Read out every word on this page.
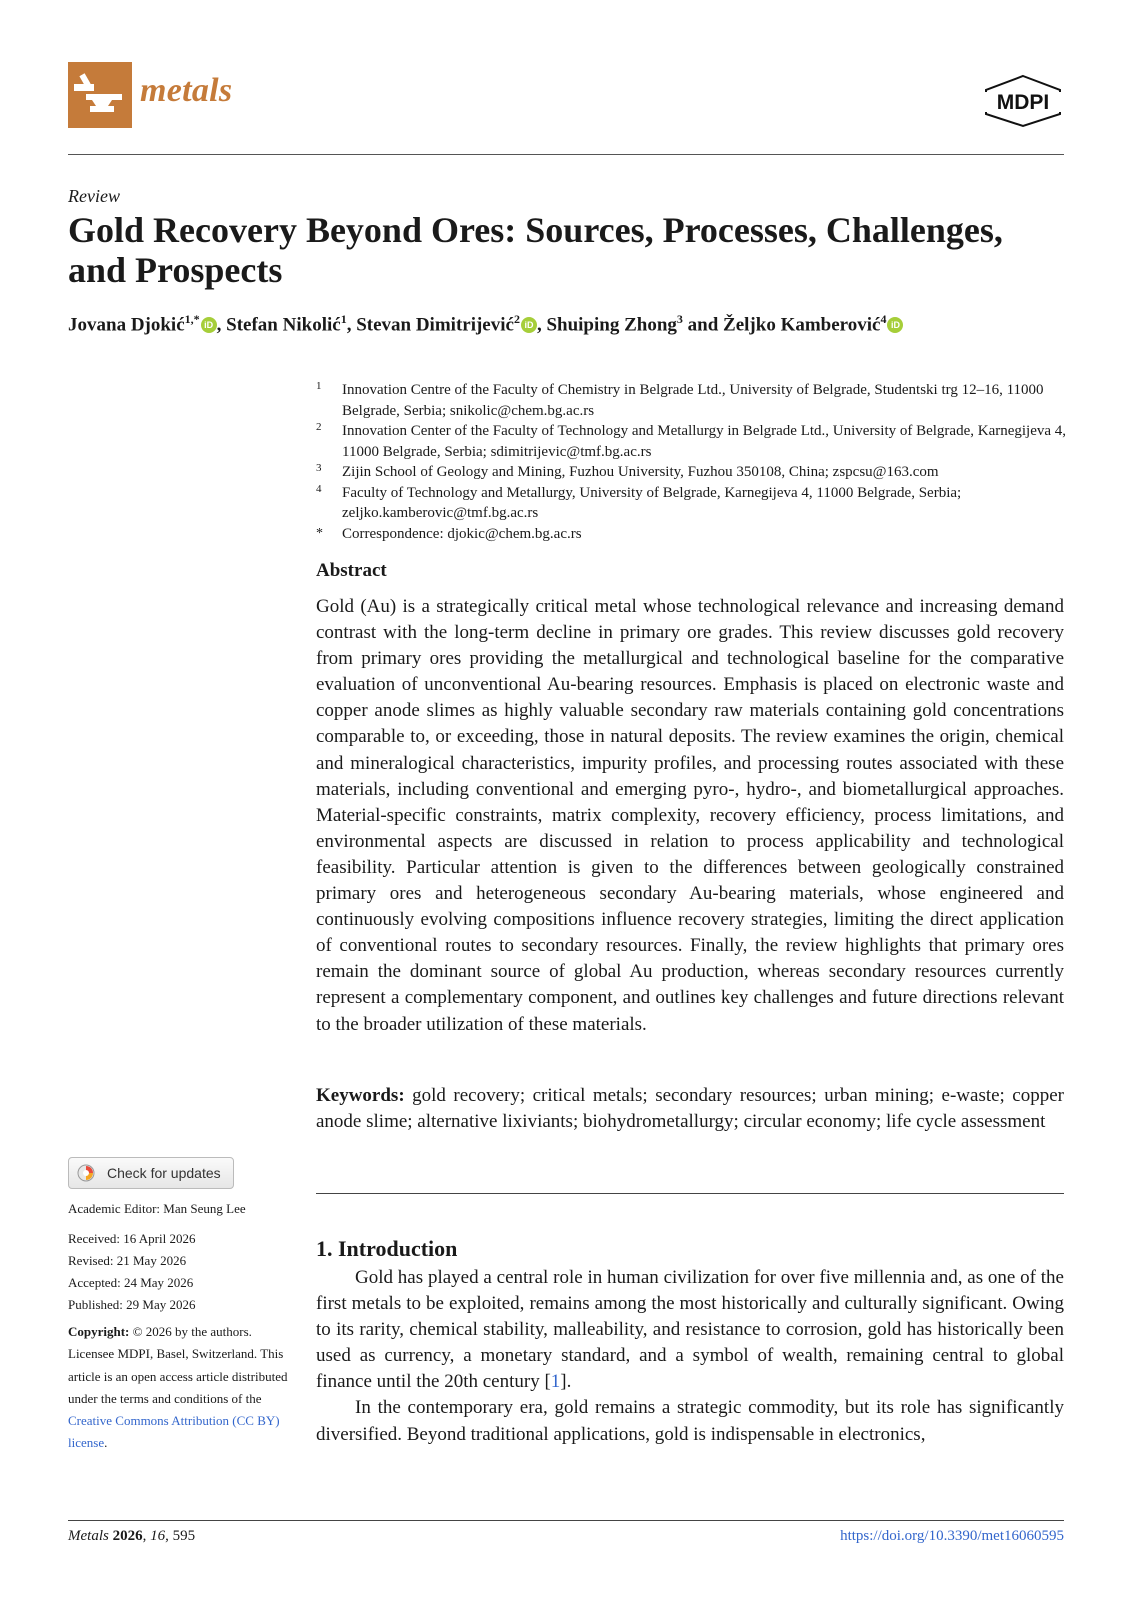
metals	MDPI
Review
Gold Recovery Beyond Ores: Sources, Processes, Challenges, and Prospects
Jovana Djokić$^{1,*}$ iD , Stefan Nikolić$^1$, Stevan Dimitrijević$^2$ iD , Shuiping Zhong$^3$ and Željko Kamberović$^4$ iD

1 Innovation Centre of the Faculty of Chemistry in Belgrade Ltd., University of Belgrade, Studentski trg 12–16, 11000 Belgrade, Serbia; snikolic@chem.bg.ac.rs

2 Innovation Center of the Faculty of Technology and Metallurgy in Belgrade Ltd., University of Belgrade, Karnegijeva 4, 11000 Belgrade, Serbia; sdimitrijevic@tmf.bg.ac.rs

3 Zijin School of Geology and Mining, Fuzhou University, Fuzhou 350108, China; zspcsu@163.com

4 Faculty of Technology and Metallurgy, University of Belgrade, Karnegijeva 4, 11000 Belgrade, Serbia; zeljko.kamberovic@tmf.bg.ac.rs

* Correspondence: djokic@chem.bg.ac.rs

Abstract

Gold (Au) is a strategically critical metal whose technological relevance and increasing demand contrast with the long-term decline in primary ore grades. This review discusses gold recovery from primary ores providing the metallurgical and technological baseline for the comparative evaluation of unconventional Au-bearing resources. Emphasis is placed on electronic waste and copper anode slimes as highly valuable secondary raw materials containing gold concentrations comparable to, or exceeding, those in natural deposits. The review examines the origin, chemical and mineralogical characteristics, impurity profiles, and processing routes associated with these materials, including conventional and emerging pyro-, hydro-, and biometallurgical approaches. Material-specific constraints, matrix complexity, recovery efficiency, process limitations, and environmental aspects are discussed in relation to process applicability and technological feasibility. Particular attention is given to the differences between geologically constrained primary ores and heterogeneous secondary Au-bearing materials, whose engineered and continuously evolving compositions influence recovery strategies, limiting the direct application of conventional routes to secondary resources. Finally, the review highlights that primary ores remain the dominant source of global Au production, whereas secondary resources currently represent a complementary component, and outlines key challenges and future directions relevant to the broader utilization of these materials.

Keywords: gold recovery; critical metals; secondary resources; urban mining; e-waste; copper anode slime; alternative lixiviants; biohydrometallurgy; circular economy; life cycle assessment

1. Introduction

Gold has played a central role in human civilization for over five millennia and, as one of the first metals to be exploited, remains among the most historically and culturally significant. Owing to its rarity, chemical stability, malleability, and resistance to corrosion, gold has historically been used as currency, a monetary standard, and a symbol of wealth, remaining central to global finance until the 20th century [1].

In the contemporary era, gold remains a strategic commodity, but its role has significantly diversified. Beyond traditional applications, gold is indispensable in electronics,

Check for updates
Academic Editor: Man Seung Lee
Received: 16 April 2026
Revised: 21 May 2026
Accepted: 24 May 2026
Published: 29 May 2026

Copyright: © 2026 by the authors. Licensee MDPI, Basel, Switzerland. This article is an open access article distributed under the terms and conditions of the Creative Commons Attribution (CC BY) license.

Metals 2026, 16, 595	https://doi.org/10.3390/met16060595
